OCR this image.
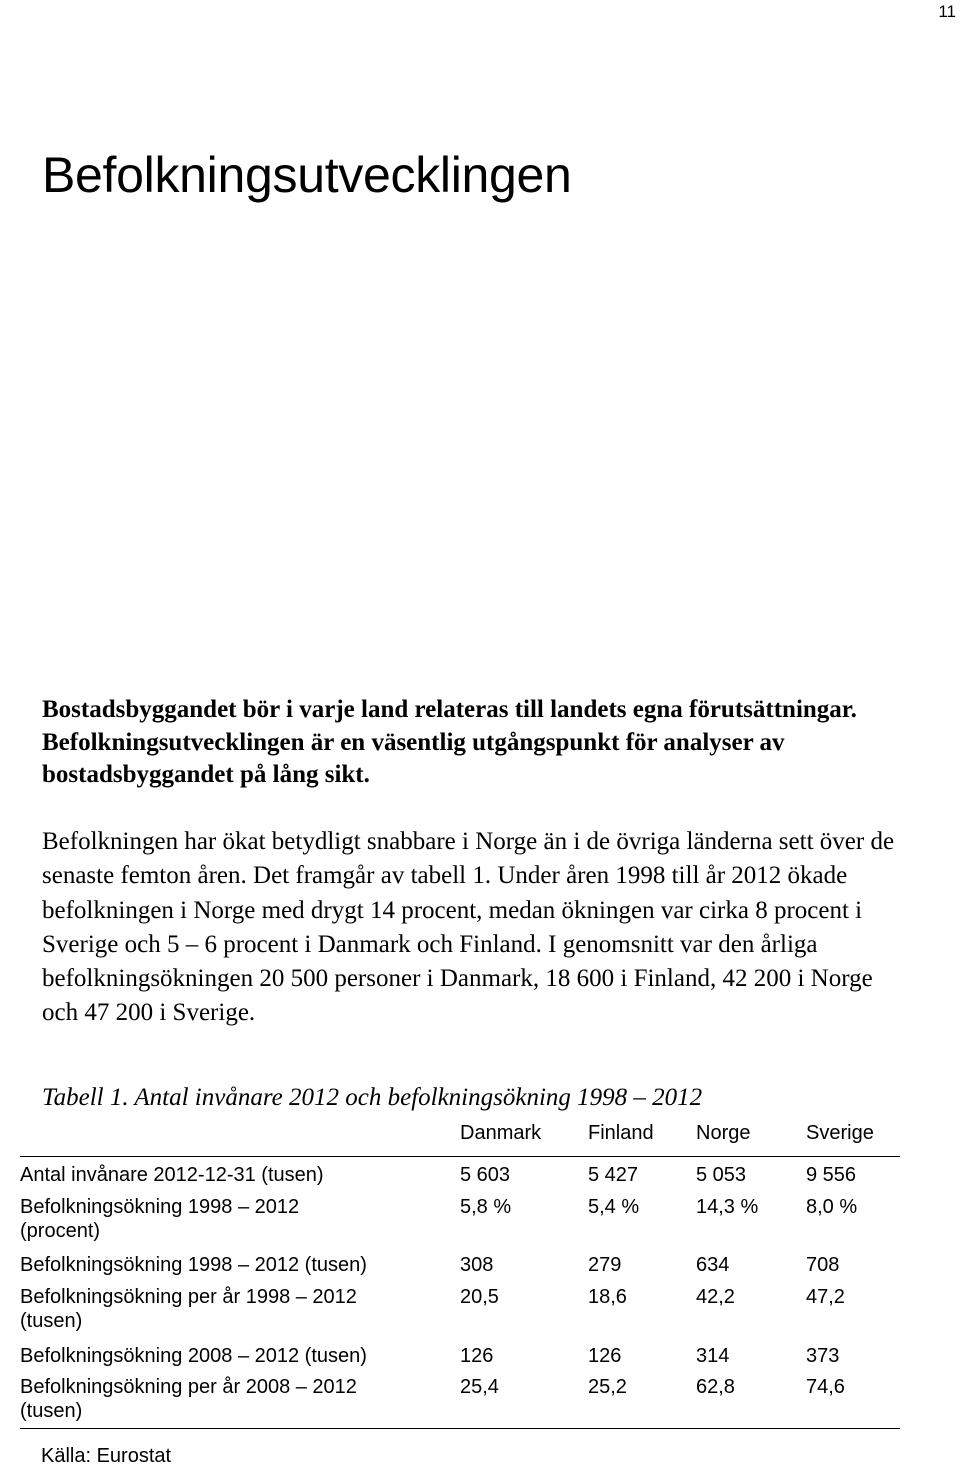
11
Befolkningsutvecklingen

Bostadsbyggandet bör i varje land relateras till landets egna förutsättningar. Befolkningsutvecklingen är en väsentlig utgångspunkt för analyser av bostadsbyggandet på lång sikt.

Befolkningen har ökat betydligt snabbare i Norge än i de övriga länderna sett över de senaste femton åren. Det framgår av tabell 1. Under åren 1998 till år 2012 ökade befolkningen i Norge med drygt 14 procent, medan ökningen var cirka 8 procent i Sverige och 5 – 6 procent i Danmark och Finland. I genomsnitt var den årliga befolkningsökningen 20 500 personer i Danmark, 18 600 i Finland, 42 200 i Norge och 47 200 i Sverige.

Tabell 1. Antal invånare 2012 och befolkningsökning 1998 – 2012

Danmark Finland Norge	Sverige
Antal invånare 2012-12-31 (tusen)	5 603	5 427	5 053	9 556
Befolkningsökning 1998 – 2012
(procent)
5,8 %	5,4 %	14,3 % 8,0 %
Befolkningsökning 1998 – 2012 (tusen)	308	279	634	708
Befolkningsökning per år 1998 – 2012
(tusen)
20,5	18,6	42,2	47,2
Befolkningsökning 2008 – 2012 (tusen)	126	126	314	373
Befolkningsökning per år 2008 – 2012
(tusen)
25,4	25,2	62,8	74,6
Källa: Eurostat
